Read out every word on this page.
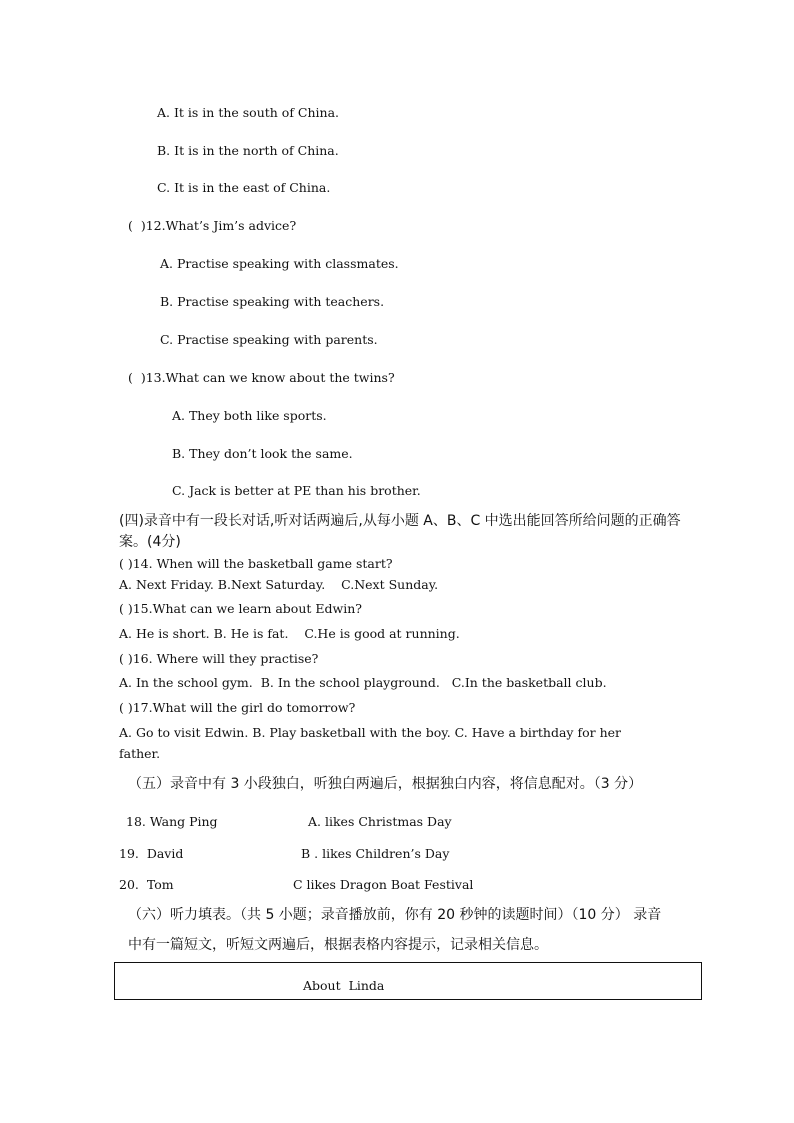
A. It is in the south of China.
B. It is in the north of China.
C. It is in the east of China.
(  )12.What’s Jim’s advice?
A. Practise speaking with classmates.
B. Practise speaking with teachers.
C. Practise speaking with parents.
(  )13.What can we know about the twins?
A. They both like sports.
B. They don’t look the same.
C. Jack is better at PE than his brother.
(四)录音中有一段长对话,听对话两遍后,从每小题 A、B、C 中选出能回答所给问题的正确答
案。(4分)
( )14. When will the basketball game start?
A. Next Friday. B.Next Saturday.    C.Next Sunday.
( )15.What can we learn about Edwin?
A. He is short. B. He is fat.    C.He is good at running.
( )16. Where will they practise?
A. In the school gym.  B. In the school playground.   C.In the basketball club.
( )17.What will the girl do tomorrow?
A. Go to visit Edwin. B. Play basketball with the boy. C. Have a birthday for her
father.
（五）录音中有 3 小段独白，听独白两遍后，根据独白内容，将信息配对。（3 分）
18. Wang Ping	A. likes Christmas Day
19.  David	B . likes Children’s Day
20.  Tom	C likes Dragon Boat Festival
（六）听力填表。（共 5 小题；录音播放前，你有 20 秒钟的读题时间）（10 分） 录音
中有一篇短文，听短文两遍后，根据表格内容提示，记录相关信息。
About  Linda
